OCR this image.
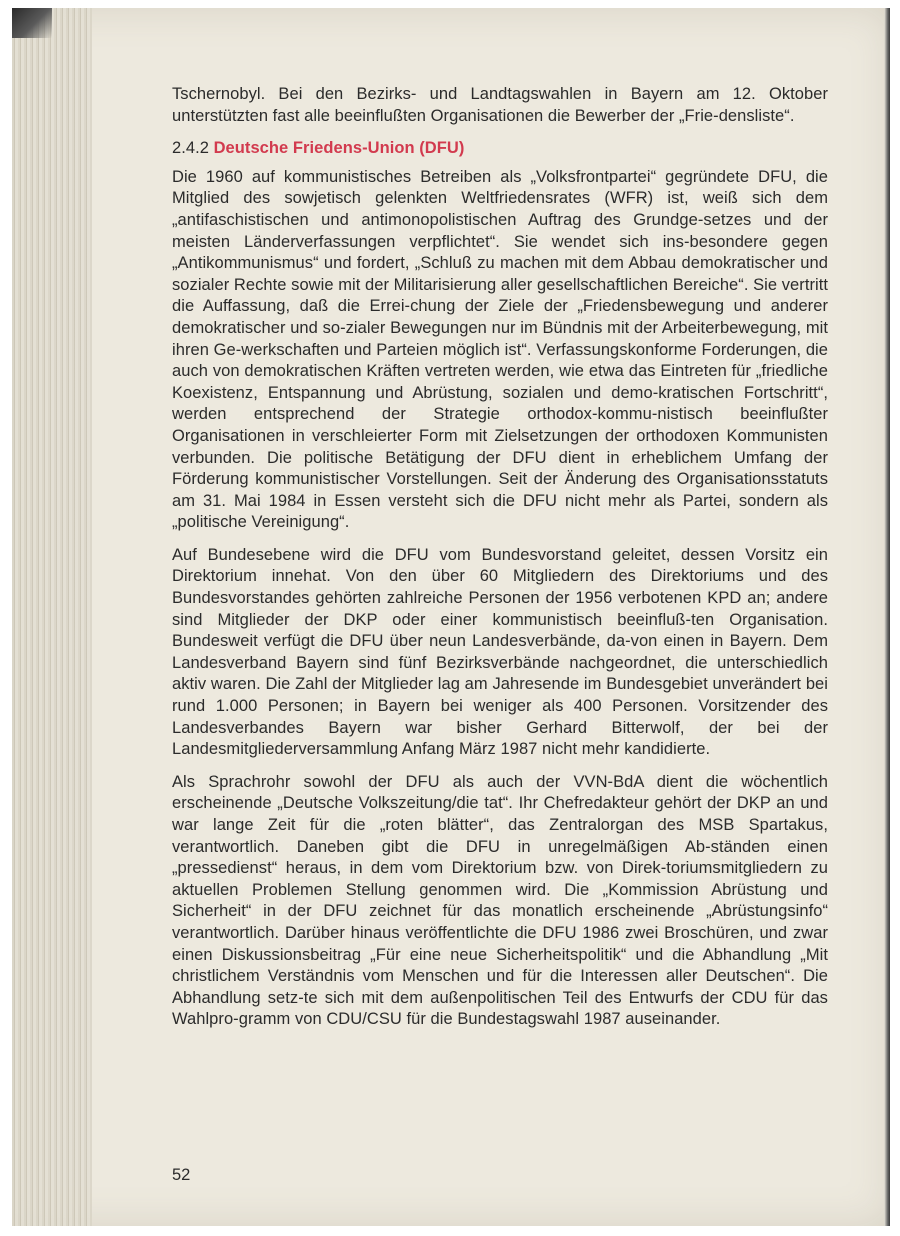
Tschernobyl. Bei den Bezirks- und Landtagswahlen in Bayern am 12. Oktober unterstützten fast alle beeinflußten Organisationen die Bewerber der „Frie-densliste“.

2.4.2 Deutsche Friedens-Union (DFU)

Die 1960 auf kommunistisches Betreiben als „Volksfrontpartei“ gegründete DFU, die Mitglied des sowjetisch gelenkten Weltfriedensrates (WFR) ist, weiß sich dem „antifaschistischen und antimonopolistischen Auftrag des Grundge-setzes und der meisten Länderverfassungen verpflichtet“. Sie wendet sich ins-besondere gegen „Antikommunismus“ und fordert, „Schluß zu machen mit dem Abbau demokratischer und sozialer Rechte sowie mit der Militarisierung aller gesellschaftlichen Bereiche“. Sie vertritt die Auffassung, daß die Errei-chung der Ziele der „Friedensbewegung und anderer demokratischer und so-zialer Bewegungen nur im Bündnis mit der Arbeiterbewegung, mit ihren Ge-werkschaften und Parteien möglich ist“. Verfassungskonforme Forderungen, die auch von demokratischen Kräften vertreten werden, wie etwa das Eintreten für „friedliche Koexistenz, Entspannung und Abrüstung, sozialen und demo-kratischen Fortschritt“, werden entsprechend der Strategie orthodox-kommu-nistisch beeinflußter Organisationen in verschleierter Form mit Zielsetzungen der orthodoxen Kommunisten verbunden. Die politische Betätigung der DFU dient in erheblichem Umfang der Förderung kommunistischer Vorstellungen. Seit der Änderung des Organisationsstatuts am 31. Mai 1984 in Essen versteht sich die DFU nicht mehr als Partei, sondern als „politische Vereinigung“.

Auf Bundesebene wird die DFU vom Bundesvorstand geleitet, dessen Vorsitz ein Direktorium innehat. Von den über 60 Mitgliedern des Direktoriums und des Bundesvorstandes gehörten zahlreiche Personen der 1956 verbotenen KPD an; andere sind Mitglieder der DKP oder einer kommunistisch beeinfluß-ten Organisation. Bundesweit verfügt die DFU über neun Landesverbände, da-von einen in Bayern. Dem Landesverband Bayern sind fünf Bezirksverbände nachgeordnet, die unterschiedlich aktiv waren. Die Zahl der Mitglieder lag am Jahresende im Bundesgebiet unverändert bei rund 1.000 Personen; in Bayern bei weniger als 400 Personen. Vorsitzender des Landesverbandes Bayern war bisher Gerhard Bitterwolf, der bei der Landesmitgliederversammlung Anfang März 1987 nicht mehr kandidierte.

Als Sprachrohr sowohl der DFU als auch der VVN-BdA dient die wöchentlich erscheinende „Deutsche Volkszeitung/die tat“. Ihr Chefredakteur gehört der DKP an und war lange Zeit für die „roten blätter“, das Zentralorgan des MSB Spartakus, verantwortlich. Daneben gibt die DFU in unregelmäßigen Ab-ständen einen „pressedienst“ heraus, in dem vom Direktorium bzw. von Direk-toriumsmitgliedern zu aktuellen Problemen Stellung genommen wird. Die „Kommission Abrüstung und Sicherheit“ in der DFU zeichnet für das monatlich erscheinende „Abrüstungsinfo“ verantwortlich. Darüber hinaus veröffentlichte die DFU 1986 zwei Broschüren, und zwar einen Diskussionsbeitrag „Für eine neue Sicherheitspolitik“ und die Abhandlung „Mit christlichem Verständnis vom Menschen und für die Interessen aller Deutschen“. Die Abhandlung setz-te sich mit dem außenpolitischen Teil des Entwurfs der CDU für das Wahlpro-gramm von CDU/CSU für die Bundestagswahl 1987 auseinander.

52
